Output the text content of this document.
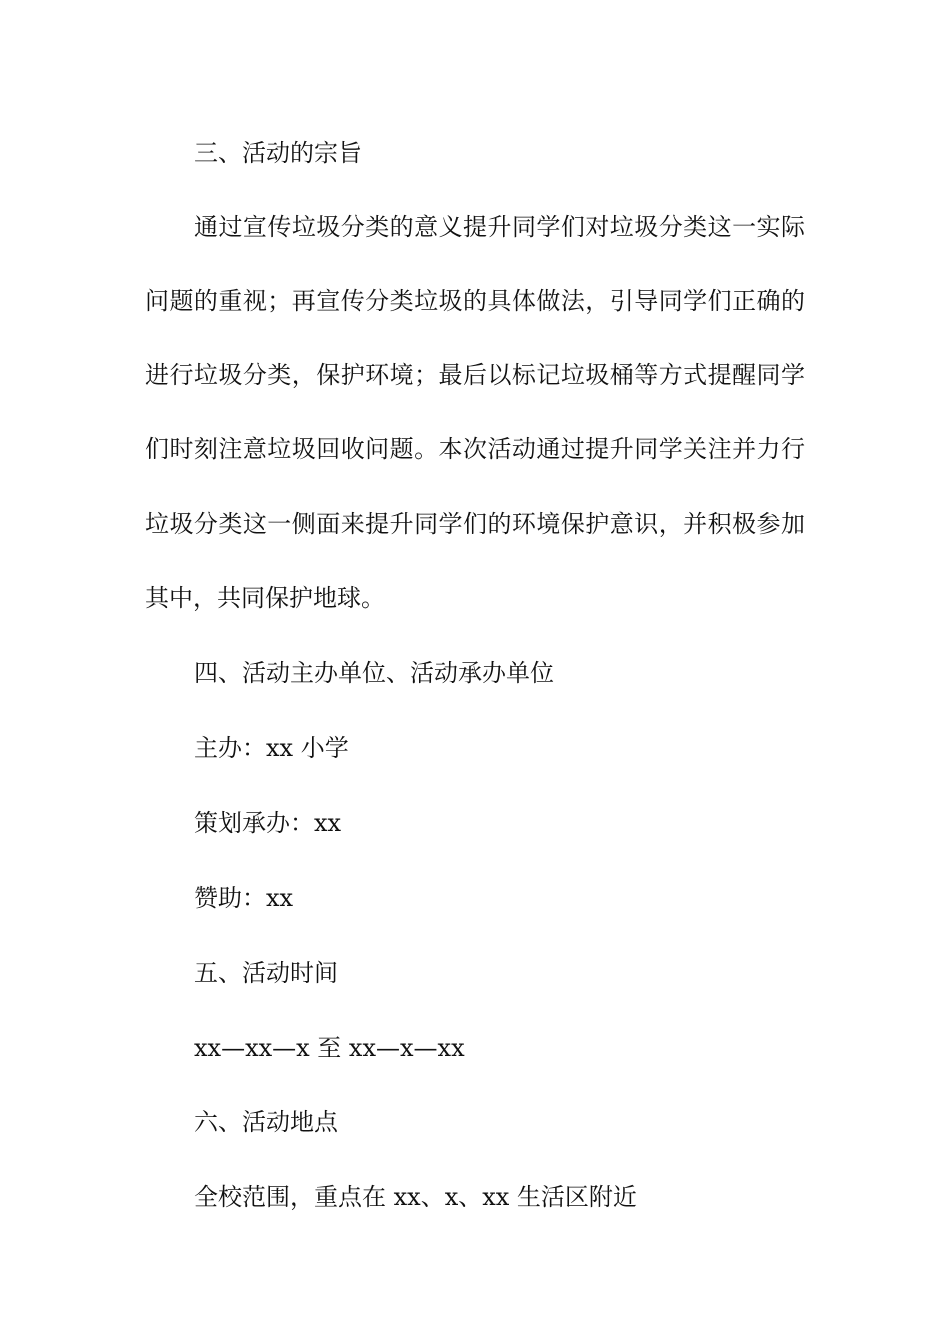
三、活动的宗旨

通过宣传垃圾分类的意义提升同学们对垃圾分类这一实际

问题的重视；再宣传分类垃圾的具体做法，引导同学们正确的

进行垃圾分类，保护环境；最后以标记垃圾桶等方式提醒同学

们时刻注意垃圾回收问题。本次活动通过提升同学关注并力行

垃圾分类这一侧面来提升同学们的环境保护意识，并积极参加

其中，共同保护地球。

四、活动主办单位、活动承办单位

主办：xx 小学

策划承办：xx

赞助：xx

五、活动时间

xx—xx—x 至 xx—x—xx

六、活动地点

全校范围，重点在 xx、x、xx 生活区附近
